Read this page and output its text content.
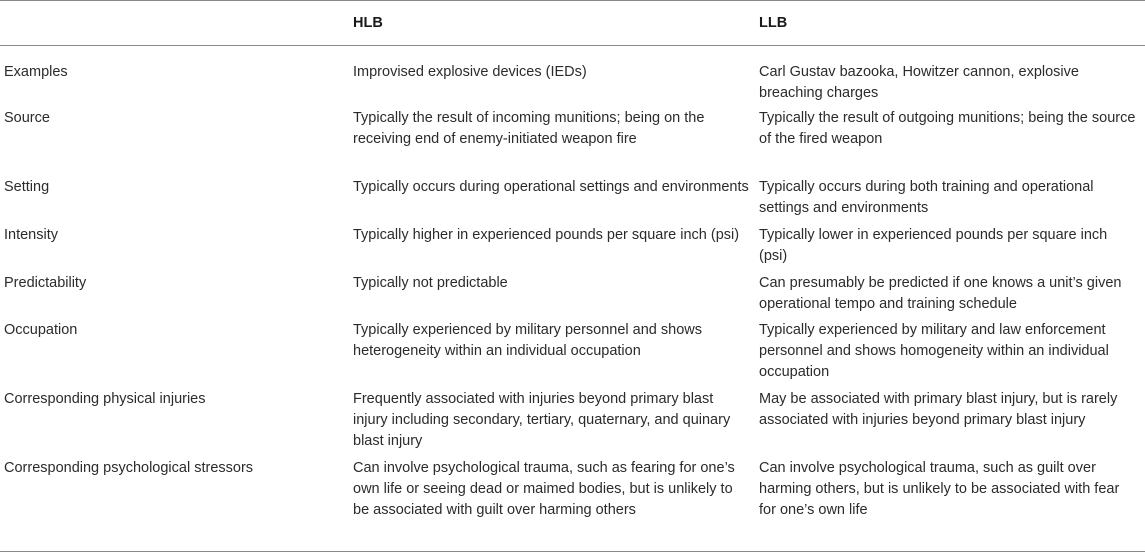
	HLB	LLB
Examples	Improvised explosive devices (IEDs)	Carl Gustav bazooka, Howitzer cannon, explosive breaching charges
Source	Typically the result of incoming munitions; being on the receiving end of enemy-initiated weapon fire	Typically the result of outgoing munitions; being the source of the fired weapon
Setting	Typically occurs during operational settings and environments	Typically occurs during both training and operational settings and environments
Intensity	Typically higher in experienced pounds per square inch (psi)	Typically lower in experienced pounds per square inch (psi)
Predictability	Typically not predictable	Can presumably be predicted if one knows a unit’s given operational tempo and training schedule
Occupation	Typically experienced by military personnel and shows heterogeneity within an individual occupation	Typically experienced by military and law enforcement personnel and shows homogeneity within an individual occupation
Corresponding physical injuries	Frequently associated with injuries beyond primary blast injury including secondary, tertiary, quaternary, and quinary blast injury	May be associated with primary blast injury, but is rarely associated with injuries beyond primary blast injury
Corresponding psychological stressors	Can involve psychological trauma, such as fearing for one’s own life or seeing dead or maimed bodies, but is unlikely to be associated with guilt over harming others	Can involve psychological trauma, such as guilt over harming others, but is unlikely to be associated with fear for one’s own life
